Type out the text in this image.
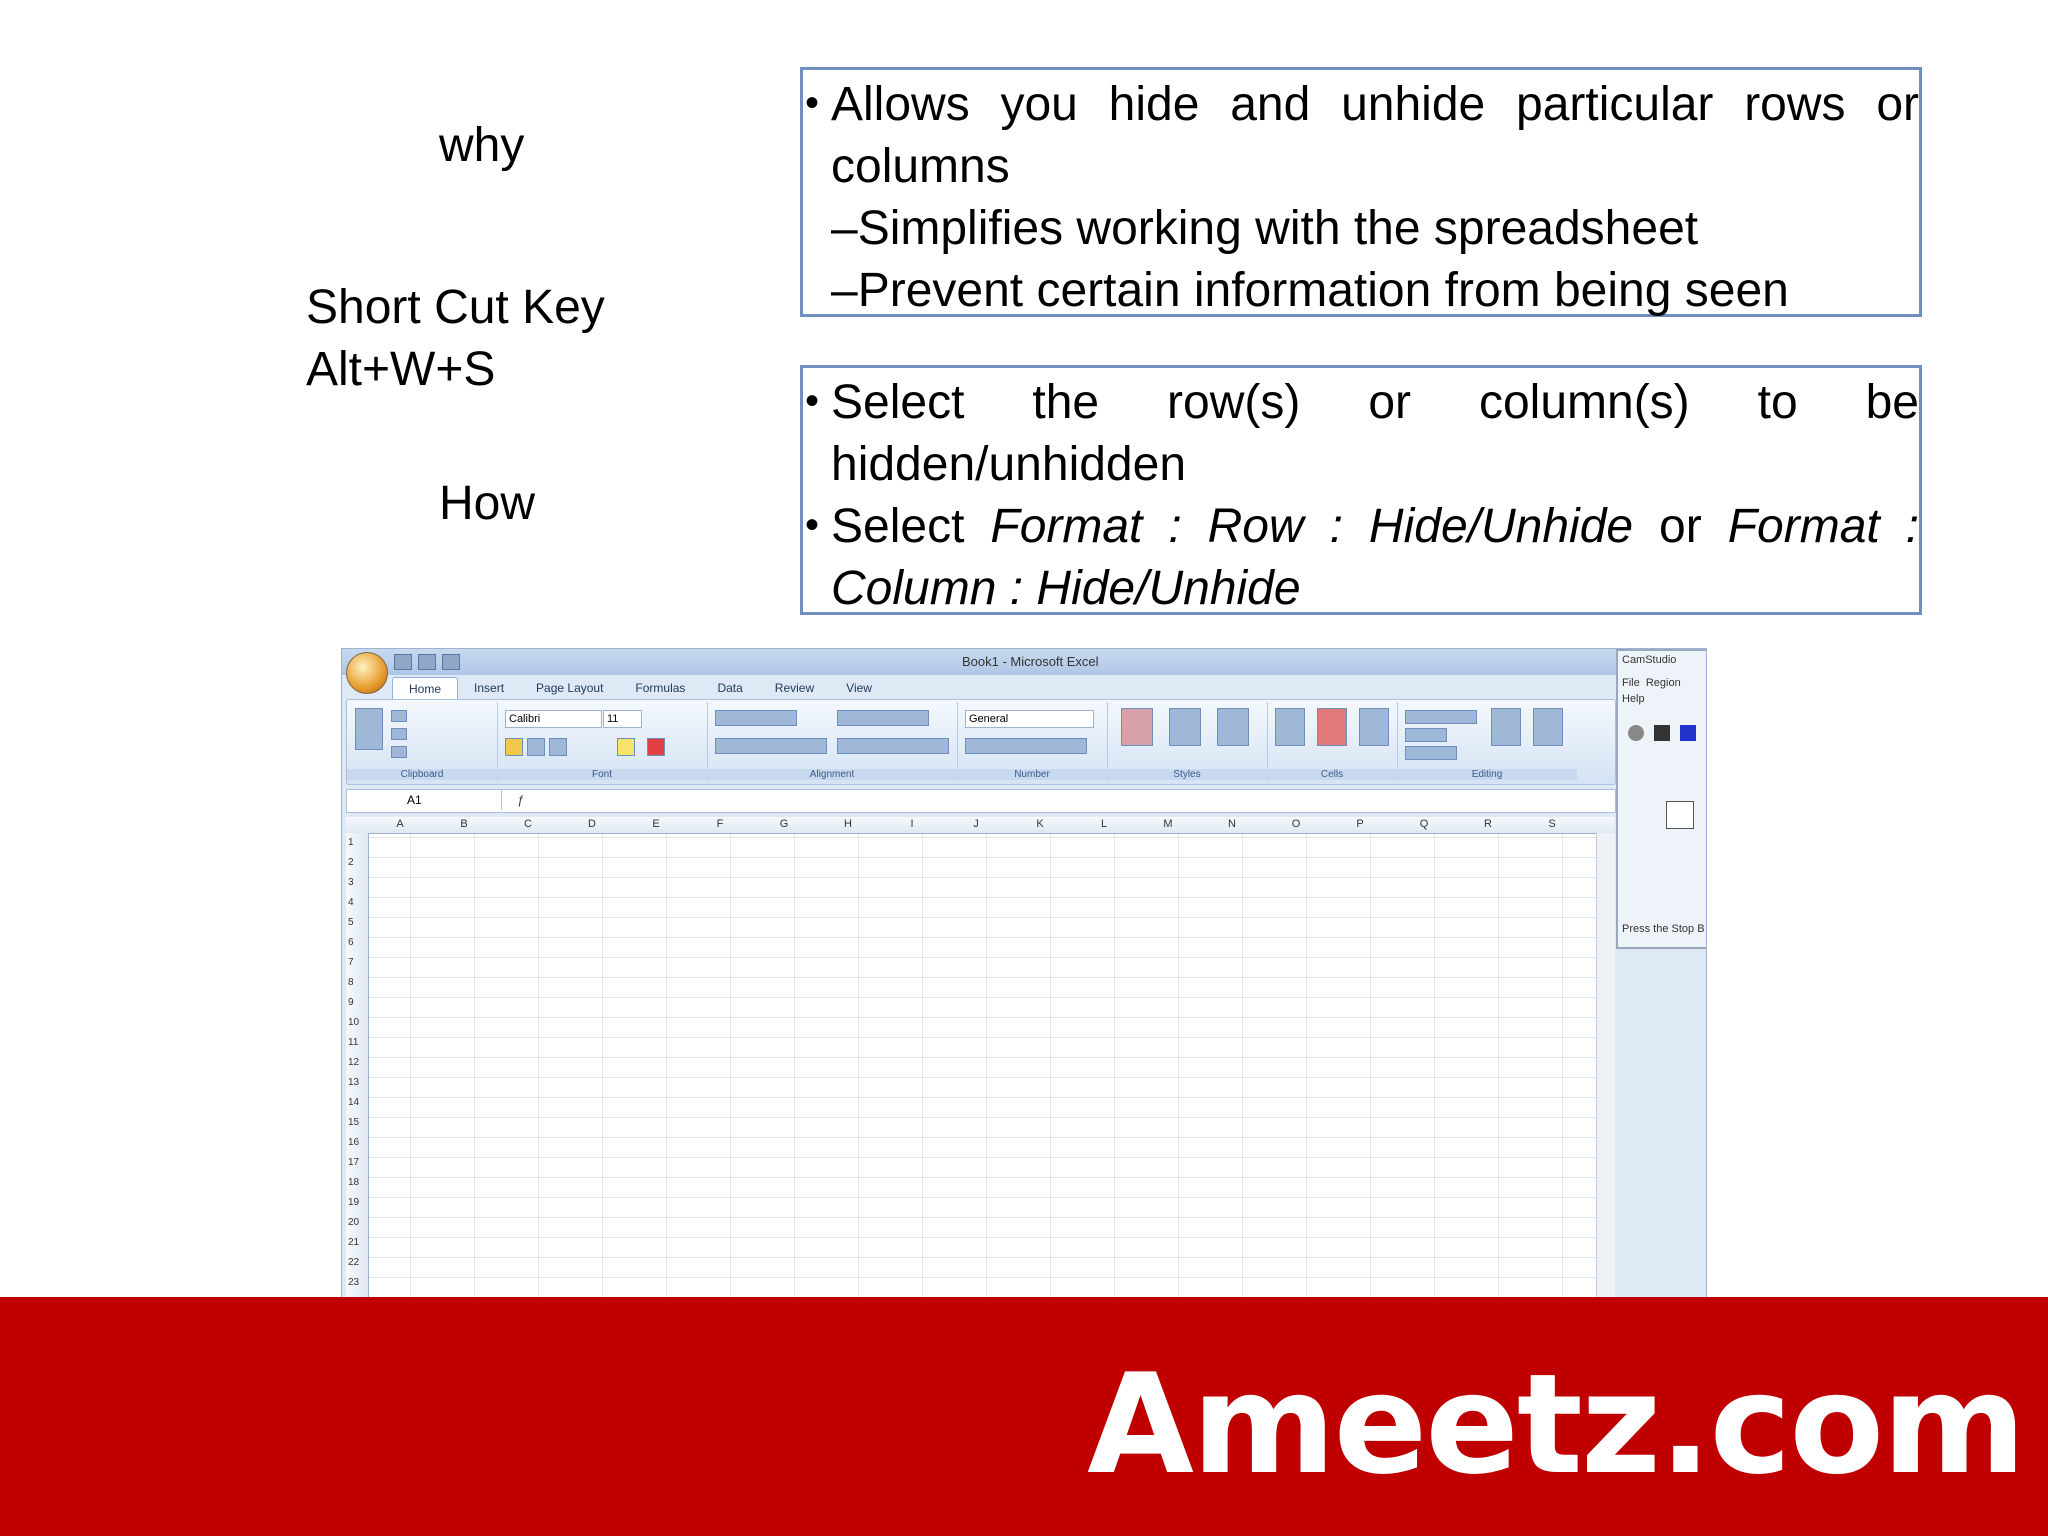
why
Short Cut Key
Alt+W+S
How
• Allows you hide and unhide particular rows or
columns
–Simplifies working with the spreadsheet
–Prevent certain information from being seen
• Select the row(s) or column(s) to be
hidden/unhidden
• Select Format : Row : Hide/Unhide or Format :
Column : Hide/Unhide
Book1 - Microsoft Excel
Home	Insert	Page Layout	Formulas	Data	Review	View
Clipboard
Calibri	11
Font	Alignment
General
Number	Styles	Cells	Editing
A1	ƒ
A	B	C	D	E	F	G	H	I	J	K	L	M	N	O	P	Q	R	S
1
2
3
4
5
6
7
8
9
10
11
12
13
14
15
16
17
18
19
20
21
22
23
CamStudio
File  Region
Help
Press the Stop B
Ameetz.com
